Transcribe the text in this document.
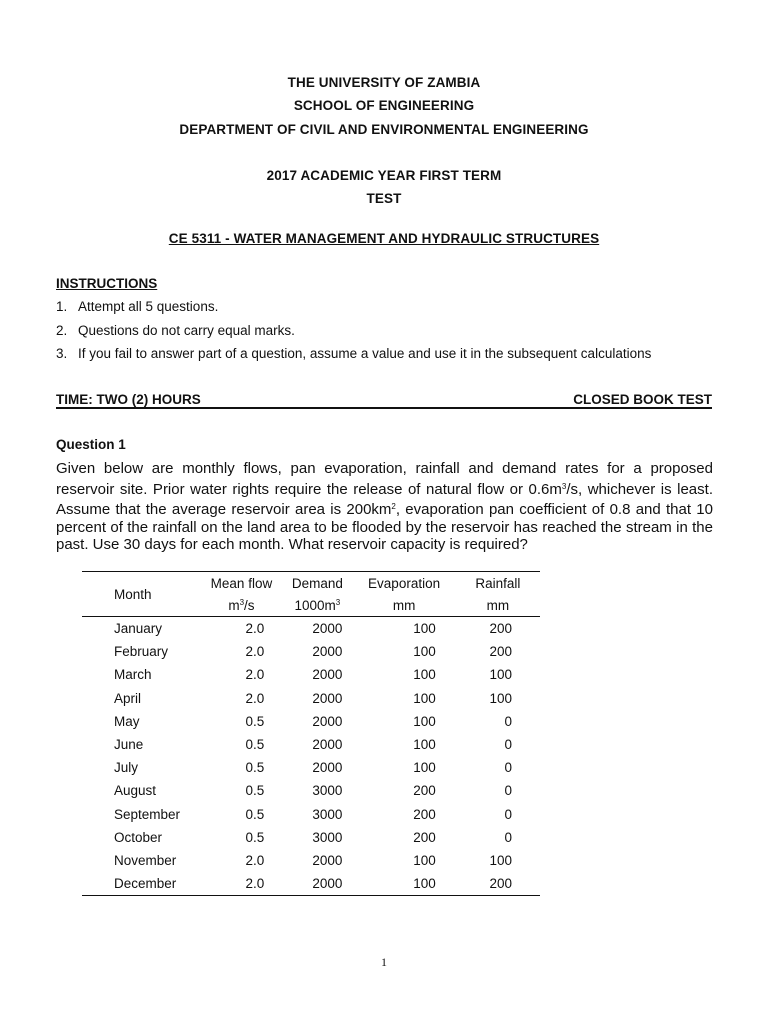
THE UNIVERSITY OF ZAMBIA
SCHOOL OF ENGINEERING
DEPARTMENT OF CIVIL AND ENVIRONMENTAL ENGINEERING
2017 ACADEMIC YEAR FIRST TERM
TEST
CE 5311 - WATER MANAGEMENT AND HYDRAULIC STRUCTURES
INSTRUCTIONS
1. Attempt all 5 questions.
2. Questions do not carry equal marks.
3. If you fail to answer part of a question, assume a value and use it in the subsequent calculations
TIME: TWO (2) HOURS	CLOSED BOOK TEST
Question 1
Given below are monthly flows, pan evaporation, rainfall and demand rates for a proposed reservoir site. Prior water rights require the release of natural flow or $0.6m^3/s$, whichever is least. Assume that the average reservoir area is $200km^2$, evaporation pan coefficient of 0.8 and that 10 percent of the rainfall on the land area to be flooded by the reservoir has reached the stream in the past. Use 30 days for each month. What reservoir capacity is required?
Month	Mean flow	Demand	Evaporation	Rainfall
	$m^3/s$	$1000m^3$	mm	mm
January	2.0	2000	100	200
February	2.0	2000	100	200
March	2.0	2000	100	100
April	2.0	2000	100	100
May	0.5	2000	100	0
June	0.5	2000	100	0
July	0.5	2000	100	0
August	0.5	3000	200	0
September	0.5	3000	200	0
October	0.5	3000	200	0
November	2.0	2000	100	100
December	2.0	2000	100	200
1
